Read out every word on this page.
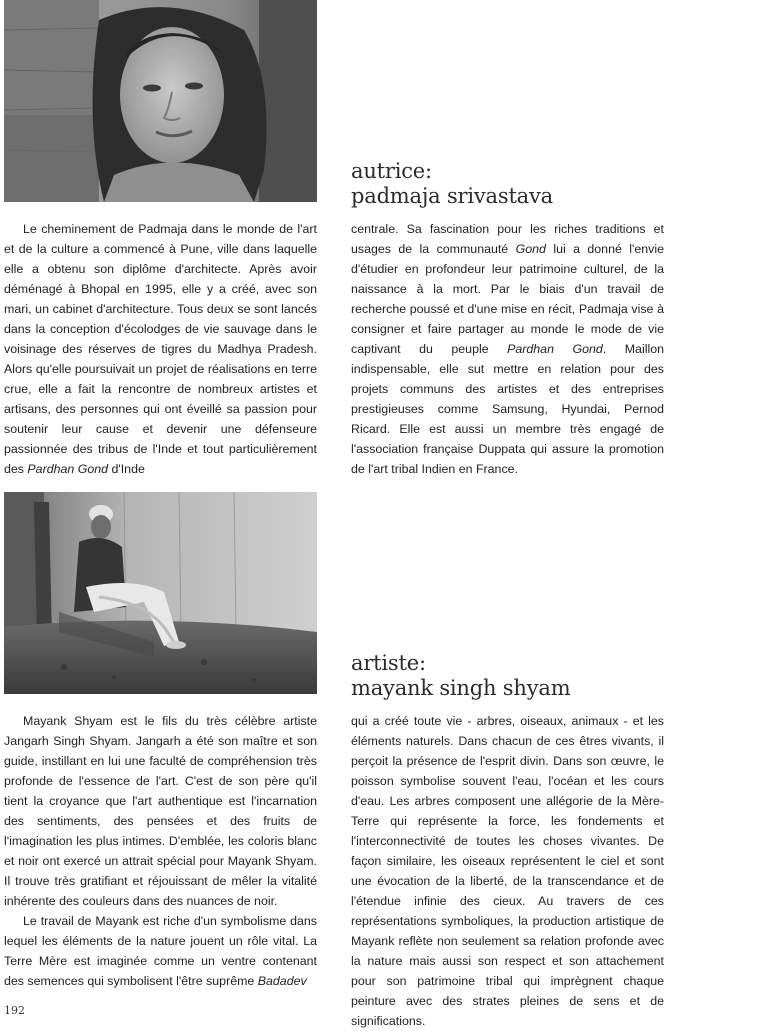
autrice:
padmaja srivastava

Le cheminement de Padmaja dans le monde de l'art et de la culture a commencé à Pune, ville dans laquelle elle a obtenu son diplôme d'architecte. Après avoir déménagé à Bhopal en 1995, elle y a créé, avec son mari, un cabinet d'architecture. Tous deux se sont lancés dans la conception d'écolodges de vie sauvage dans le voisinage des réserves de tigres du Madhya Pradesh. Alors qu'elle poursuivait un projet de réalisations en terre crue, elle a fait la rencontre de nombreux artistes et artisans, des personnes qui ont éveillé sa passion pour soutenir leur cause et devenir une défenseure passionnée des tribus de l'Inde et tout particulièrement des Pardhan Gond d'Inde

centrale. Sa fascination pour les riches traditions et usages de la communauté Gond lui a donné l'envie d'étudier en profondeur leur patrimoine culturel, de la naissance à la mort. Par le biais d'un travail de recherche poussé et d'une mise en récit, Padmaja vise à consigner et faire partager au monde le mode de vie captivant du peuple Pardhan Gond. Maillon indispensable, elle sut mettre en relation pour des projets communs des artistes et des entreprises prestigieuses comme Samsung, Hyundai, Pernod Ricard. Elle est aussi un membre très engagé de l'association française Duppata qui assure la promotion de l'art tribal Indien en France.

artiste:
mayank singh shyam

Mayank Shyam est le fils du très célèbre artiste Jangarh Singh Shyam. Jangarh a été son maître et son guide, instillant en lui une faculté de compréhension très profonde de l'essence de l'art. C'est de son père qu'il tient la croyance que l'art authentique est l'incarnation des sentiments, des pensées et des fruits de l'imagination les plus intimes. D'emblée, les coloris blanc et noir ont exercé un attrait spécial pour Mayank Shyam. Il trouve très gratifiant et réjouissant de mêler la vitalité inhérente des couleurs dans des nuances de noir.

Le travail de Mayank est riche d'un symbolisme dans lequel les éléments de la nature jouent un rôle vital. La Terre Mère est imaginée comme un ventre contenant des semences qui symbolisent l'être suprême Badadev

qui a créé toute vie - arbres, oiseaux, animaux - et les éléments naturels. Dans chacun de ces êtres vivants, il perçoit la présence de l'esprit divin. Dans son œuvre, le poisson symbolise souvent l'eau, l'océan et les cours d'eau. Les arbres composent une allégorie de la Mère-Terre qui représente la force, les fondements et l'interconnectivité de toutes les choses vivantes. De façon similaire, les oiseaux représentent le ciel et sont une évocation de la liberté, de la transcendance et de l'étendue infinie des cieux. Au travers de ces représentations symboliques, la production artistique de Mayank reflète non seulement sa relation profonde avec la nature mais aussi son respect et son attachement pour son patrimoine tribal qui imprègnent chaque peinture avec des strates pleines de sens et de significations.

192
